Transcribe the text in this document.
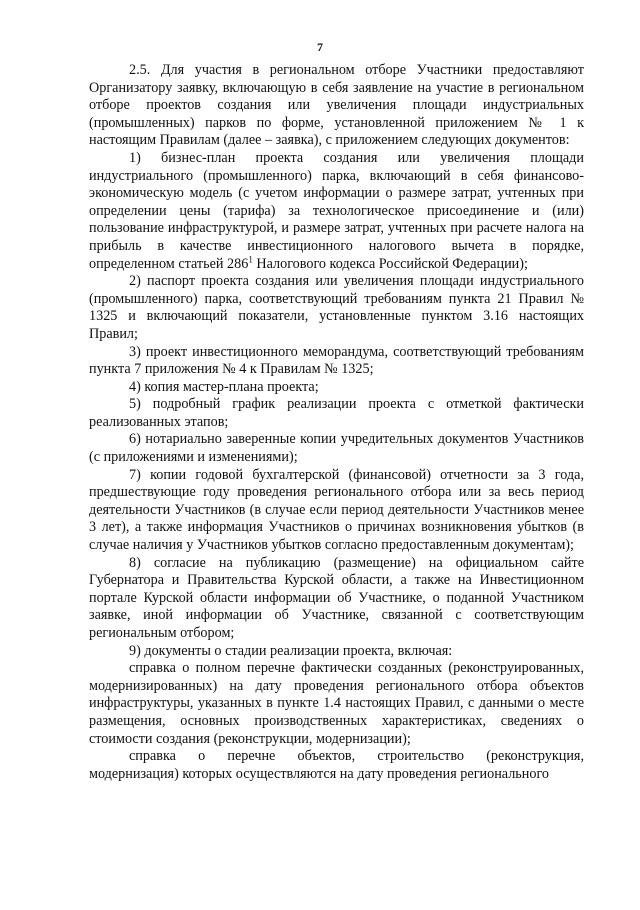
7

2.5. Для участия в региональном отборе Участники предоставляют Организатору заявку, включающую в себя заявление на участие в региональном отборе проектов создания или увеличения площади индустриальных (промышленных) парков по форме, установленной приложением № 1 к настоящим Правилам (далее – заявка), с приложением следующих документов:

1) бизнес-план проекта создания или увеличения площади индустриального (промышленного) парка, включающий в себя финансово-экономическую модель (с учетом информации о размере затрат, учтенных при определении цены (тарифа) за технологическое присоединение и (или) пользование инфраструктурой, и размере затрат, учтенных при расчете налога на прибыль в качестве инвестиционного налогового вычета в порядке, определенном статьей $286^1$ Налогового кодекса Российской Федерации);

2) паспорт проекта создания или увеличения площади индустриального (промышленного) парка, соответствующий требованиям пункта 21 Правил № 1325 и включающий показатели, установленные пунктом 3.16 настоящих Правил;

3) проект инвестиционного меморандума, соответствующий требованиям пункта 7 приложения № 4 к Правилам № 1325;

4) копия мастер-плана проекта;

5) подробный график реализации проекта с отметкой фактически реализованных этапов;

6) нотариально заверенные копии учредительных документов Участников (с приложениями и изменениями);

7) копии годовой бухгалтерской (финансовой) отчетности за 3 года, предшествующие году проведения регионального отбора или за весь период деятельности Участников (в случае если период деятельности Участников менее 3 лет), а также информация Участников о причинах возникновения убытков (в случае наличия у Участников убытков согласно предоставленным документам);

8) согласие на публикацию (размещение) на официальном сайте Губернатора и Правительства Курской области, а также на Инвестиционном портале Курской области информации об Участнике, о поданной Участником заявке, иной информации об Участнике, связанной с соответствующим региональным отбором;

9) документы о стадии реализации проекта, включая:

справка о полном перечне фактически созданных (реконструированных, модернизированных) на дату проведения регионального отбора объектов инфраструктуры, указанных в пункте 1.4 настоящих Правил, с данными о месте размещения, основных производственных характеристиках, сведениях о стоимости создания (реконструкции, модернизации);

справка о перечне объектов, строительство (реконструкция, модернизация) которых осуществляются на дату проведения регионального
